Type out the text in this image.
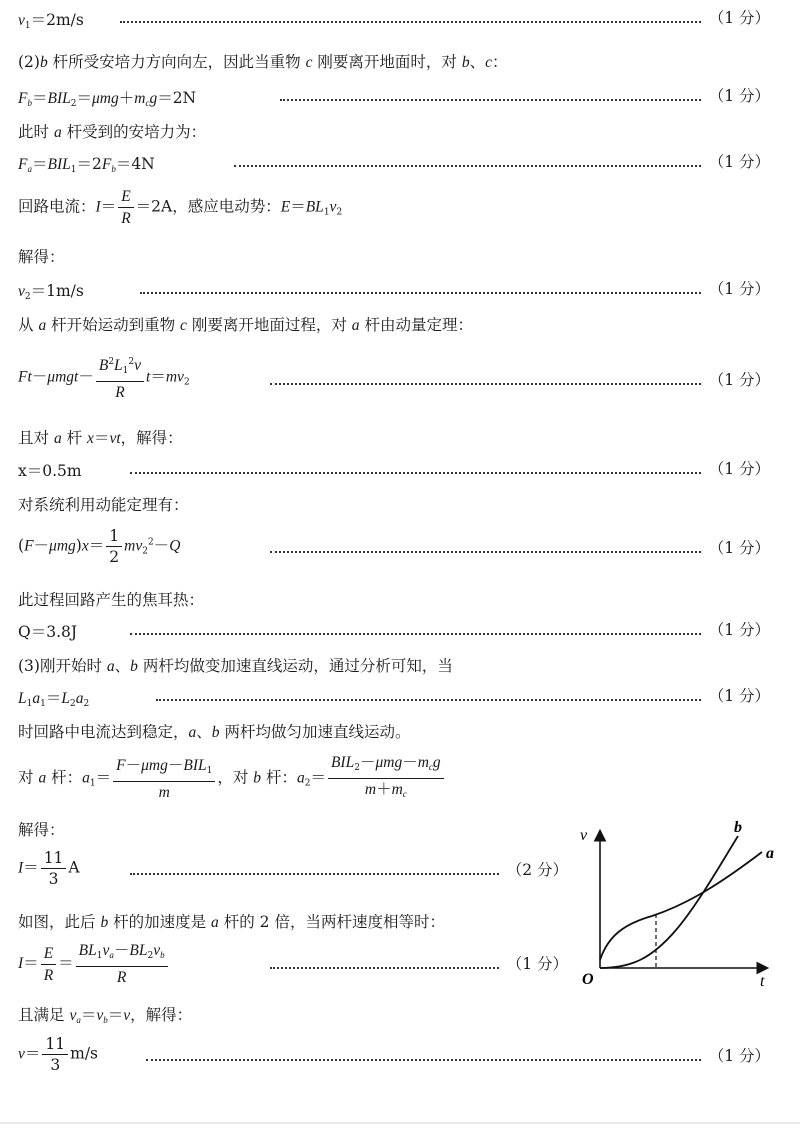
$v_1=2m/s$	（1 分）
(2)b 杆所受安培力方向向左，因此当重物 c 刚要离开地面时，对 b、c：
$F_b=BIL_2=\mu mg+m_cg=2N$	（1 分）
此时 a 杆受到的安培力为：
$F_a=BIL_1=2F_b=4N$	（1 分）
回路电流：$I= \frac{E}{R} =2A$，感应电动势：$E=BL_1v_2$
解得：
$v_2=1m/s$	（1 分）
从 a 杆开始运动到重物 c 刚要离开地面过程，对 a 杆由动量定理：
$Ft-\mu mgt- \frac{B^2L_1^2v}{R} t=mv_2$	（1 分）
且对 a 杆 x＝vt，解得：
x＝0.5m	（1 分）
对系统利用动能定理有：
$(F-\mu mg)x= \frac{1}{2} mv_2^2-Q$	（1 分）
此过程回路产生的焦耳热：
Q＝3.8J	（1 分）
(3)刚开始时 a、b 两杆均做变加速直线运动，通过分析可知，当
$L_1a_1=L_2a_2$	（1 分）
时回路中电流达到稳定，a、b 两杆均做匀加速直线运动。
对 a 杆：$a_1= \frac{F-\mu mg-BIL_1}{m}$ ，对 b 杆：$a_2= \frac{BIL_2-\mu mg-m_cg}{m+m_c}$
解得：
$I= \frac{11}{3}$ A	（2 分）
如图，此后 b 杆的加速度是 a 杆的 2 倍，当两杆速度相等时：
$I= \frac{E}{R} = \frac{BL_1v_a-BL_2v_b}{R}$	（1 分）
且满足 $v_a=v_b=v$，解得：
$v= \frac{11}{3} m/s$	（1 分）
v
t
O
b
a
